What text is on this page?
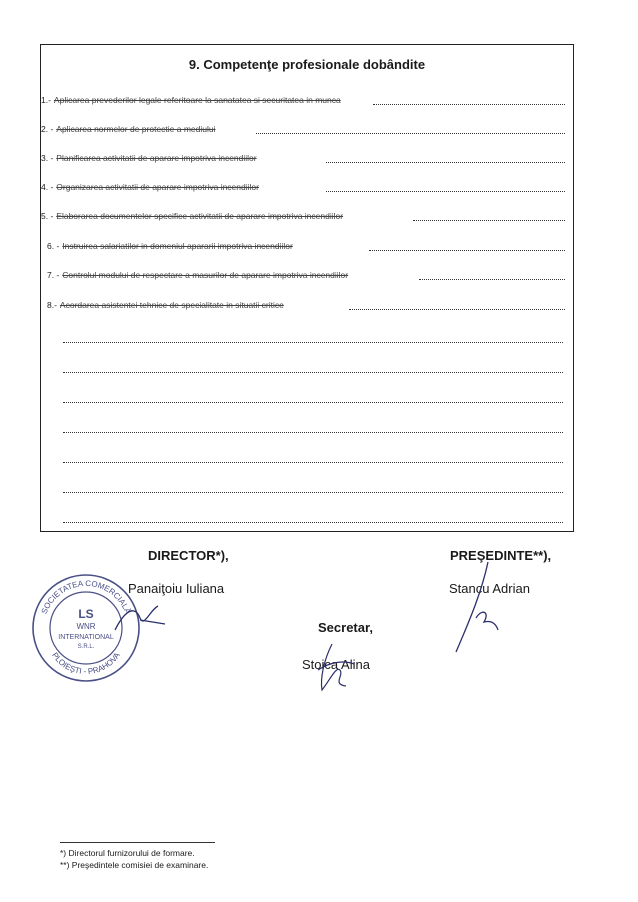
9. Competenţe profesionale dobândite
1.- Aplicarea prevederilor legale referitoare la sanatatea si securitatea in munca
2. - Aplicarea normelor de protectie a mediului
3. - Planificarea activitatii de aparare impotriva incendiilor
4. - Organizarea activitatii de aparare impotriva incendiilor
5. - Elaborarea documentelor specifice activitatii de aparare impotriva incendiilor
6. - Instruirea salariatilor in domeniul apararii impotriva incendiilor
7. - Controlul modului de respectare a masurilor de aparare impotriva incendiilor
8.- Acordarea asistentei tehnice de specialitate in situatii critice
DIRECTOR*),
Panaiţoiu Iuliana
PREŞEDINTE**),
Stancu Adrian
Secretar,
Stoica Alina
SOCIETATEA COMERCIALĂ
PLOIEŞTI - PRAHOVA
LS
WNR
INTERNATIONAL
S.R.L.
*) Directorul furnizorului de formare.
**) Preşedintele comisiei de examinare.
